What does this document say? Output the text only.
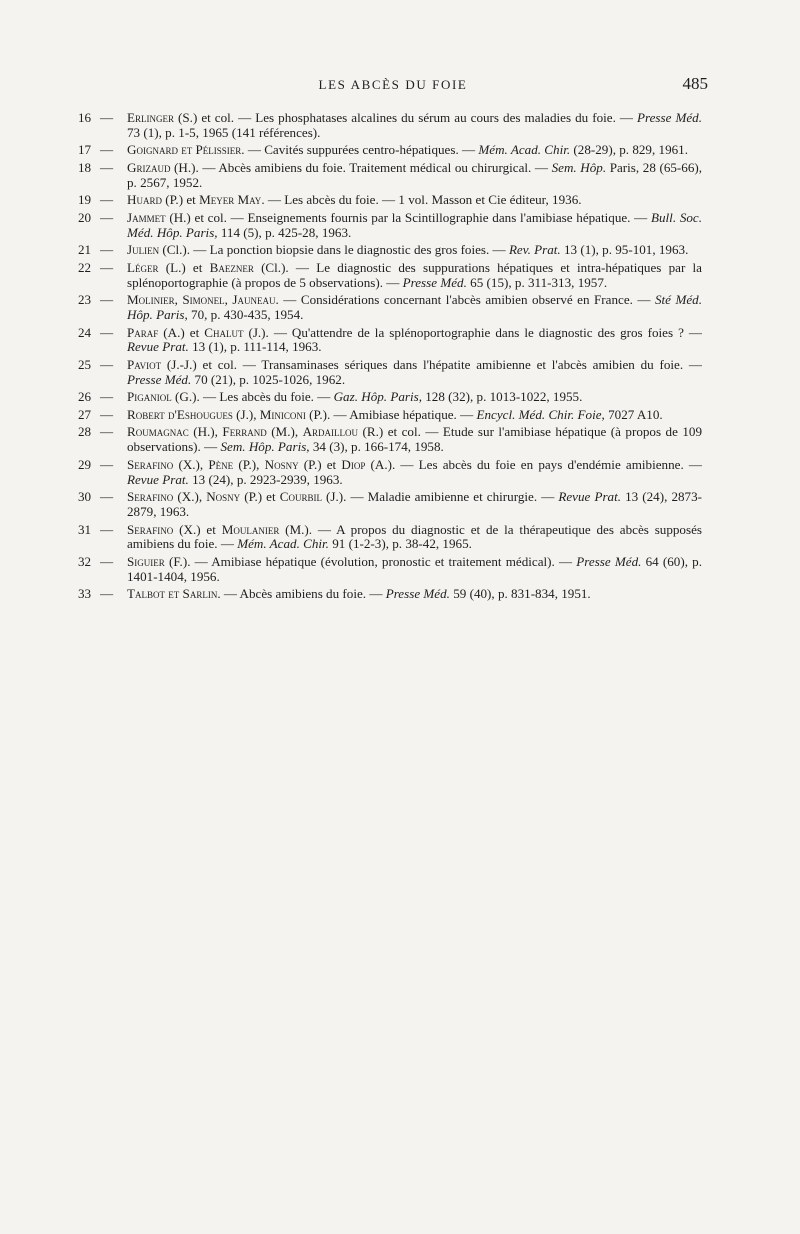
LES ABCÈS DU FOIE	485
16 — Erlinger (S.) et col. — Les phosphatases alcalines du sérum au cours des maladies du foie. — Presse Méd. 73 (1), p. 1-5, 1965 (141 références).
17 — Goignard et Pélissier. — Cavités suppurées centro-hépatiques. — Mém. Acad. Chir. (28-29), p. 829, 1961.
18 — Grizaud (H.). — Abcès amibiens du foie. Traitement médical ou chirurgical. — Sem. Hôp. Paris, 28 (65-66), p. 2567, 1952.
19 — Huard (P.) et Meyer May. — Les abcès du foie. — 1 vol. Masson et Cie éditeur, 1936.
20 — Jammet (H.) et col. — Enseignements fournis par la Scintillographie dans l'amibiase hépatique. — Bull. Soc. Méd. Hôp. Paris, 114 (5), p. 425-28, 1963.
21 — Julien (Cl.). — La ponction biopsie dans le diagnostic des gros foies. — Rev. Prat. 13 (1), p. 95-101, 1963.
22 — Léger (L.) et Baezner (Cl.). — Le diagnostic des suppurations hépatiques et intra-hépatiques par la splénoportographie (à propos de 5 observations). — Presse Méd. 65 (15), p. 311-313, 1957.
23 — Molinier, Simonel, Jauneau. — Considérations concernant l'abcès amibien observé en France. — Sté Méd. Hôp. Paris, 70, p. 430-435, 1954.
24 — Paraf (A.) et Chalut (J.). — Qu'attendre de la splénoportographie dans le diagnostic des gros foies ? — Revue Prat. 13 (1), p. 111-114, 1963.
25 — Paviot (J.-J.) et col. — Transaminases sériques dans l'hépatite amibienne et l'abcès amibien du foie. — Presse Méd. 70 (21), p. 1025-1026, 1962.
26 — Piganiol (G.). — Les abcès du foie. — Gaz. Hôp. Paris, 128 (32), p. 1013-1022, 1955.
27 — Robert d'Eshougues (J.), Miniconi (P.). — Amibiase hépatique. — Encycl. Méd. Chir. Foie, 7027 A10.
28 — Roumagnac (H.), Ferrand (M.), Ardaillou (R.) et col. — Etude sur l'amibiase hépatique (à propos de 109 observations). — Sem. Hôp. Paris, 34 (3), p. 166-174, 1958.
29 — Serafino (X.), Pène (P.), Nosny (P.) et Diop (A.). — Les abcès du foie en pays d'endémie amibienne. — Revue Prat. 13 (24), p. 2923-2939, 1963.
30 — Serafino (X.), Nosny (P.) et Courbil (J.). — Maladie amibienne et chirurgie. — Revue Prat. 13 (24), 2873-2879, 1963.
31 — Serafino (X.) et Moulanier (M.). — A propos du diagnostic et de la thérapeutique des abcès supposés amibiens du foie. — Mém. Acad. Chir. 91 (1-2-3), p. 38-42, 1965.
32 — Siguier (F.). — Amibiase hépatique (évolution, pronostic et traitement médical). — Presse Méd. 64 (60), p. 1401-1404, 1956.
33 — Talbot et Sarlin. — Abcès amibiens du foie. — Presse Méd. 59 (40), p. 831-834, 1951.
